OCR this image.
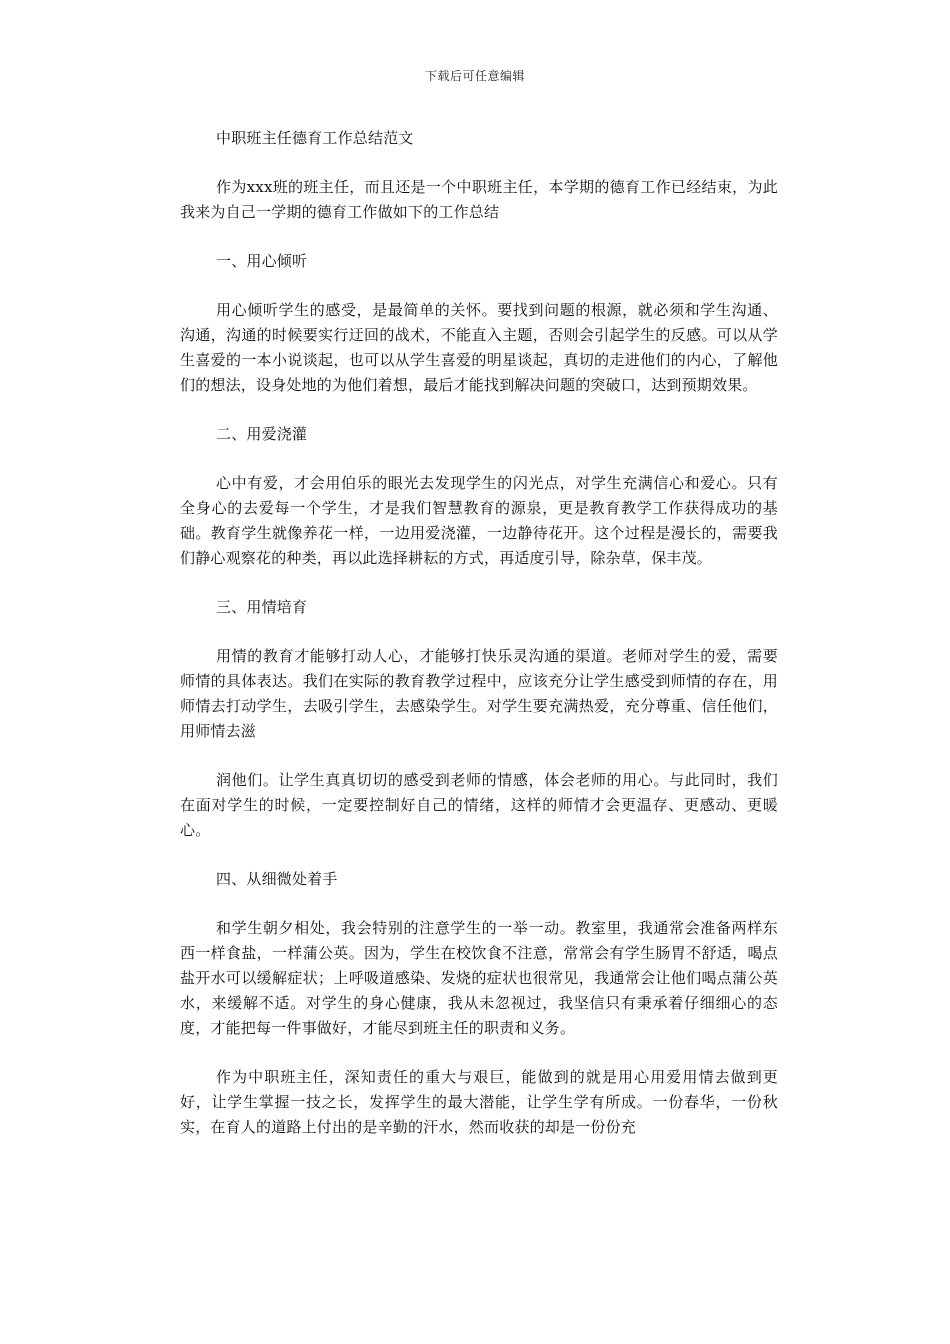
下载后可任意编辑

中职班主任德育工作总结范文

作为xxx班的班主任，而且还是一个中职班主任，本学期的德育工作已经结束，为此我来为自己一学期的德育工作做如下的工作总结

一、用心倾听

用心倾听学生的感受，是最简单的关怀。要找到问题的根源，就必须和学生沟通、沟通，沟通的时候要实行迂回的战术，不能直入主题，否则会引起学生的反感。可以从学生喜爱的一本小说谈起，也可以从学生喜爱的明星谈起，真切的走进他们的内心，了解他们的想法，设身处地的为他们着想，最后才能找到解决问题的突破口，达到预期效果。

二、用爱浇灌

心中有爱，才会用伯乐的眼光去发现学生的闪光点，对学生充满信心和爱心。只有全身心的去爱每一个学生，才是我们智慧教育的源泉，更是教育教学工作获得成功的基础。教育学生就像养花一样，一边用爱浇灌，一边静待花开。这个过程是漫长的，需要我们静心观察花的种类，再以此选择耕耘的方式，再适度引导，除杂草，保丰茂。

三、用情培育

用情的教育才能够打动人心，才能够打快乐灵沟通的渠道。老师对学生的爱，需要师情的具体表达。我们在实际的教育教学过程中，应该充分让学生感受到师情的存在，用师情去打动学生，去吸引学生，去感染学生。对学生要充满热爱，充分尊重、信任他们，用师情去滋

润他们。让学生真真切切的感受到老师的情感，体会老师的用心。与此同时，我们在面对学生的时候，一定要控制好自己的情绪，这样的师情才会更温存、更感动、更暖心。

四、从细微处着手

和学生朝夕相处，我会特别的注意学生的一举一动。教室里，我通常会准备两样东西一样食盐，一样蒲公英。因为，学生在校饮食不注意，常常会有学生肠胃不舒适，喝点盐开水可以缓解症状；上呼吸道感染、发烧的症状也很常见，我通常会让他们喝点蒲公英水，来缓解不适。对学生的身心健康，我从未忽视过，我坚信只有秉承着仔细细心的态度，才能把每一件事做好，才能尽到班主任的职责和义务。

作为中职班主任，深知责任的重大与艰巨，能做到的就是用心用爱用情去做到更好，让学生掌握一技之长，发挥学生的最大潜能，让学生学有所成。一份春华，一份秋实，在育人的道路上付出的是辛勤的汗水，然而收获的却是一份份充
